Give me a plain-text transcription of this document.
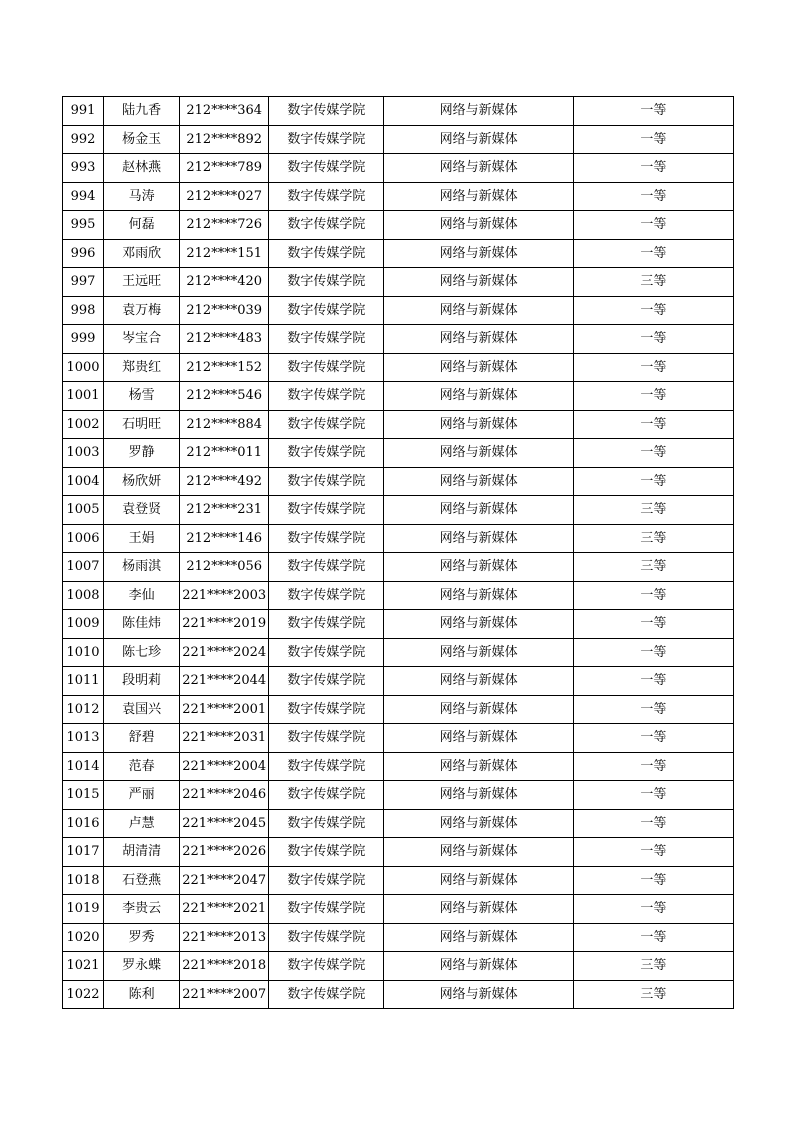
991	陆九香	212****364	数字传媒学院	网络与新媒体	一等
992	杨金玉	212****892	数字传媒学院	网络与新媒体	一等
993	赵林燕	212****789	数字传媒学院	网络与新媒体	一等
994	马涛	212****027	数字传媒学院	网络与新媒体	一等
995	何磊	212****726	数字传媒学院	网络与新媒体	一等
996	邓雨欣	212****151	数字传媒学院	网络与新媒体	一等
997	王远旺	212****420	数字传媒学院	网络与新媒体	三等
998	袁万梅	212****039	数字传媒学院	网络与新媒体	一等
999	岑宝合	212****483	数字传媒学院	网络与新媒体	一等
1000	郑贵红	212****152	数字传媒学院	网络与新媒体	一等
1001	杨雪	212****546	数字传媒学院	网络与新媒体	一等
1002	石明旺	212****884	数字传媒学院	网络与新媒体	一等
1003	罗静	212****011	数字传媒学院	网络与新媒体	一等
1004	杨欣妍	212****492	数字传媒学院	网络与新媒体	一等
1005	袁登贤	212****231	数字传媒学院	网络与新媒体	三等
1006	王娟	212****146	数字传媒学院	网络与新媒体	三等
1007	杨雨淇	212****056	数字传媒学院	网络与新媒体	三等
1008	李仙	221****2003	数字传媒学院	网络与新媒体	一等
1009	陈佳炜	221****2019	数字传媒学院	网络与新媒体	一等
1010	陈七珍	221****2024	数字传媒学院	网络与新媒体	一等
1011	段明莉	221****2044	数字传媒学院	网络与新媒体	一等
1012	袁国兴	221****2001	数字传媒学院	网络与新媒体	一等
1013	舒碧	221****2031	数字传媒学院	网络与新媒体	一等
1014	范春	221****2004	数字传媒学院	网络与新媒体	一等
1015	严丽	221****2046	数字传媒学院	网络与新媒体	一等
1016	卢慧	221****2045	数字传媒学院	网络与新媒体	一等
1017	胡清清	221****2026	数字传媒学院	网络与新媒体	一等
1018	石登燕	221****2047	数字传媒学院	网络与新媒体	一等
1019	李贵云	221****2021	数字传媒学院	网络与新媒体	一等
1020	罗秀	221****2013	数字传媒学院	网络与新媒体	一等
1021	罗永蝶	221****2018	数字传媒学院	网络与新媒体	三等
1022	陈利	221****2007	数字传媒学院	网络与新媒体	三等
